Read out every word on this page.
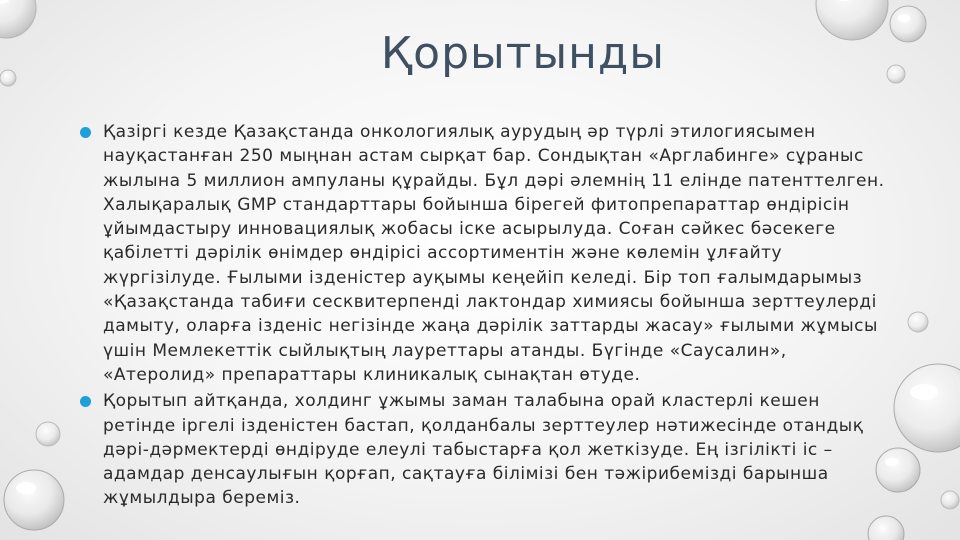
Қорытынды
Қазіргі кезде Қазақстанда онкологиялық аурудың әр түрлі этилогиясымен науқастанған 250 мыңнан астам сырқат бар. Сондықтан «Арглабинге» сұраныс жылына 5 миллион ампуланы құрайды. Бұл дәрі әлемнің 11 елінде патенттелген. Халықаралық GMP стандарттары бойынша бірегей фитопрепараттар өндірісін ұйымдастыру инновациялық жобасы іске асырылуда. Соған сәйкес бәсекеге қабілетті дәрілік өнімдер өндірісі ассортиментін және көлемін ұлғайту жүргізілуде. Ғылыми ізденістер ауқымы кеңейіп келеді. Бір топ ғалымдарымыз «Қазақстанда табиғи сесквитерпенді лактондар химиясы бойынша зерттеулерді дамыту, оларға ізденіс негізінде жаңа дәрілік заттарды жасау» ғылыми жұмысы үшін Мемлекеттік сыйлықтың лауреттары атанды. Бүгінде «Саусалин», «Атеролид» препараттары клиникалық сынақтан өтуде.
Қорытып айтқанда, холдинг ұжымы заман талабына орай кластерлі кешен ретінде іргелі ізденістен бастап, қолданбалы зерттеулер нәтижесінде отандық дәрі-дәрмектерді өндіруде елеулі табыстарға қол жеткізуде. Ең ізгілікті іс – адамдар денсаулығын қорғап, сақтауға білімізі бен тәжірибемізді барынша жұмылдыра береміз.
